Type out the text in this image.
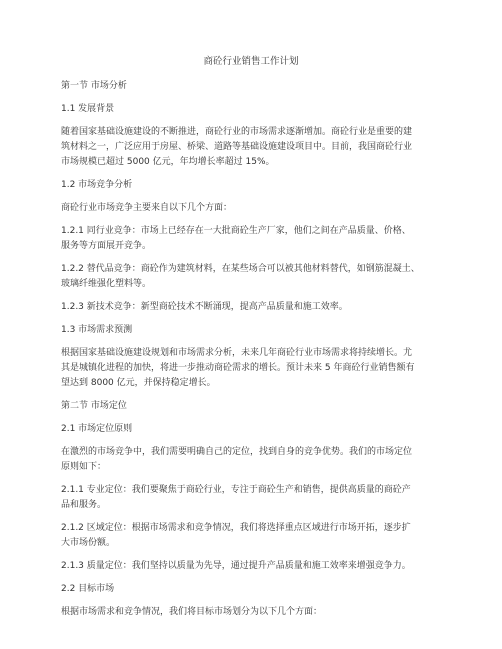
商砼行业销售工作计划
第一节 市场分析
1.1 发展背景
随着国家基础设施建设的不断推进，商砼行业的市场需求逐渐增加。商砼行业是重要的建
筑材料之一，广泛应用于房屋、桥梁、道路等基础设施建设项目中。目前，我国商砼行业
市场规模已超过 5000 亿元，年均增长率超过 15%。
1.2 市场竞争分析
商砼行业市场竞争主要来自以下几个方面：
1.2.1 同行业竞争：市场上已经存在一大批商砼生产厂家，他们之间在产品质量、价格、
服务等方面展开竞争。
1.2.2 替代品竞争：商砼作为建筑材料，在某些场合可以被其他材料替代，如钢筋混凝土、
玻璃纤维强化塑料等。
1.2.3 新技术竞争：新型商砼技术不断涌现，提高产品质量和施工效率。
1.3 市场需求预测
根据国家基础设施建设规划和市场需求分析，未来几年商砼行业市场需求将持续增长。尤
其是城镇化进程的加快，将进一步推动商砼需求的增长。预计未来 5 年商砼行业销售额有
望达到 8000 亿元，并保持稳定增长。
第二节 市场定位
2.1 市场定位原则
在激烈的市场竞争中，我们需要明确自己的定位，找到自身的竞争优势。我们的市场定位
原则如下：
2.1.1 专业定位：我们要聚焦于商砼行业，专注于商砼生产和销售，提供高质量的商砼产
品和服务。
2.1.2 区域定位：根据市场需求和竞争情况，我们将选择重点区域进行市场开拓，逐步扩
大市场份额。
2.1.3 质量定位：我们坚持以质量为先导，通过提升产品质量和施工效率来增强竞争力。
2.2 目标市场
根据市场需求和竞争情况，我们将目标市场划分为以下几个方面：
